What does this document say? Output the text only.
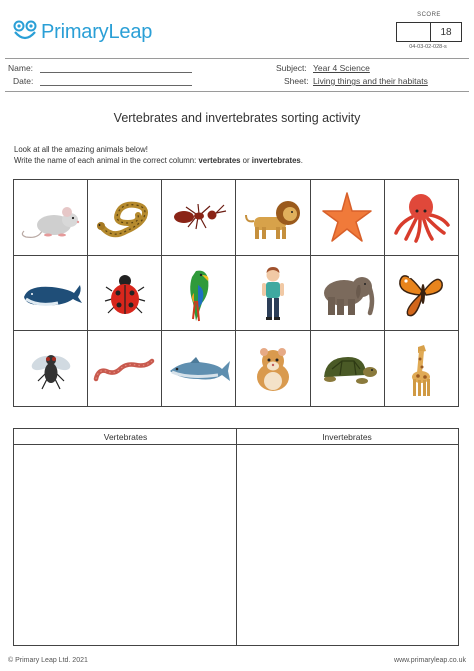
PrimaryLeap
SCORE
18
04-03-02-028-s
Name:
Date:
Subject: Year 4 Science
Sheet: Living things and their habitats
Vertebrates and invertebrates sorting activity
Look at all the amazing animals below!
Write the name of each animal in the correct column: vertebrates or invertebrates.
Vertebrates	Invertebrates
© Primary Leap Ltd. 2021	www.primaryleap.co.uk
